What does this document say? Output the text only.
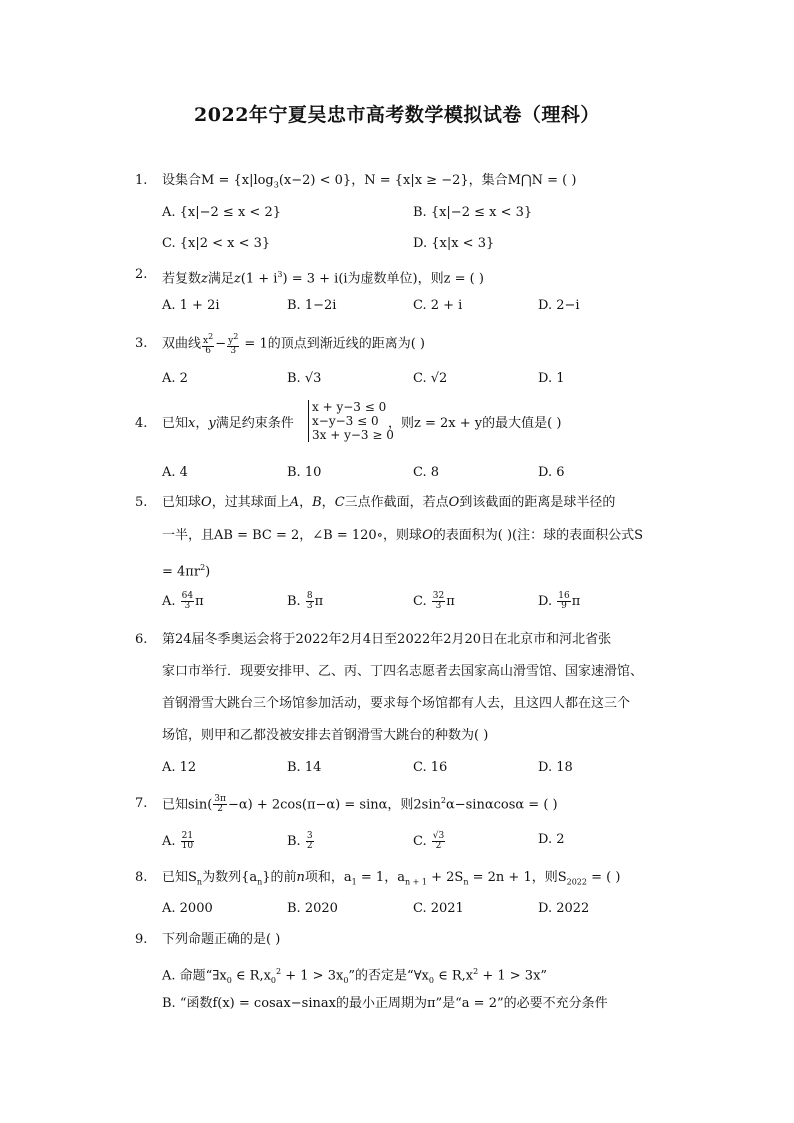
2022年宁夏吴忠市高考数学模拟试卷（理科）
1. 设集合$M = \{x|\log_3(x-2) < 0\}$，N = {x|x ≥ −2}，集合M⋂N = ( )
A. {x|−2 ≤ x < 2}	B. {x|−2 ≤ x < 3}
C. {x|2 < x < 3}	D. {x|x < 3}
2. 若复数z满足$z(1 + i^3) = 3 + i(i$为虚数单位)，则z = ( )
A. 1 + 2i	B. 1−2i	C. 2 + i	D. 2−i
3. 双曲线 $\frac{x^2}{6} - \frac{y^2}{3} = 1$的顶点到渐近线的距离为( )
A. 2	B. √3	C. √2	D. 1
4.	已知x，y满足约束条件
x + y−3 ≤ 0
x−y−3 ≤ 0
3x + y−3 ≥ 0
，则z = 2x + y的最大值是( )
A. 4	B. 10	C. 8	D. 6
5.	已知球O，过其球面上A，B，C三点作截面，若点O到该截面的距离是球半径的
一半，且AB = BC = 2，∠B = 120∘，则球O的表面积为( )(注：球的表面积公式S
= $4\pi r^2$)
A. $\frac{64}{3}$ π	B. $\frac{8}{3}$ π	C. $\frac{32}{3}$ π	D. $\frac{16}{9}$ π
6.	第24届冬季奥运会将于2022年2月4日至2022年2月20日在北京市和河北省张
家口市举行．现要安排甲、乙、丙、丁四名志愿者去国家高山滑雪馆、国家速滑馆、
首钢滑雪大跳台三个场馆参加活动，要求每个场馆都有人去，且这四人都在这三个
场馆，则甲和乙都没被安排去首钢滑雪大跳台的种数为( )
A. 12	B. 14	C. 16	D. 18
7. 已知$\sin( \frac{3\pi}{2} -\alpha) + 2\cos(\pi-\alpha) = \sin\alpha$，则$2\sin^2\alpha-\sin\alpha\cos\alpha$ = ( )
A. $\frac{21}{10}$	B. $\frac{3}{2}$	C. $\frac{√3}{2}$	D. 2
8. 已知$S_n$为数列$\{a_n\}$的前n项和，$a_1 = 1$，$a_{n + 1} + 2S_n = 2n + 1$，则$S_{2022}$ = ( )
A. 2000	B. 2020	C. 2021	D. 2022
9. 下列命题正确的是( )
A. 命题“$\exists x_0$ ∈ $R,x_0^2 + 1 > 3x_0$”的否定是“$\forall x_0$ ∈ $R,x^2 + 1 > 3x$”
B. “函数f(x) = cosax−sinax的最小正周期为π”是“a = 2”的必要不充分条件
